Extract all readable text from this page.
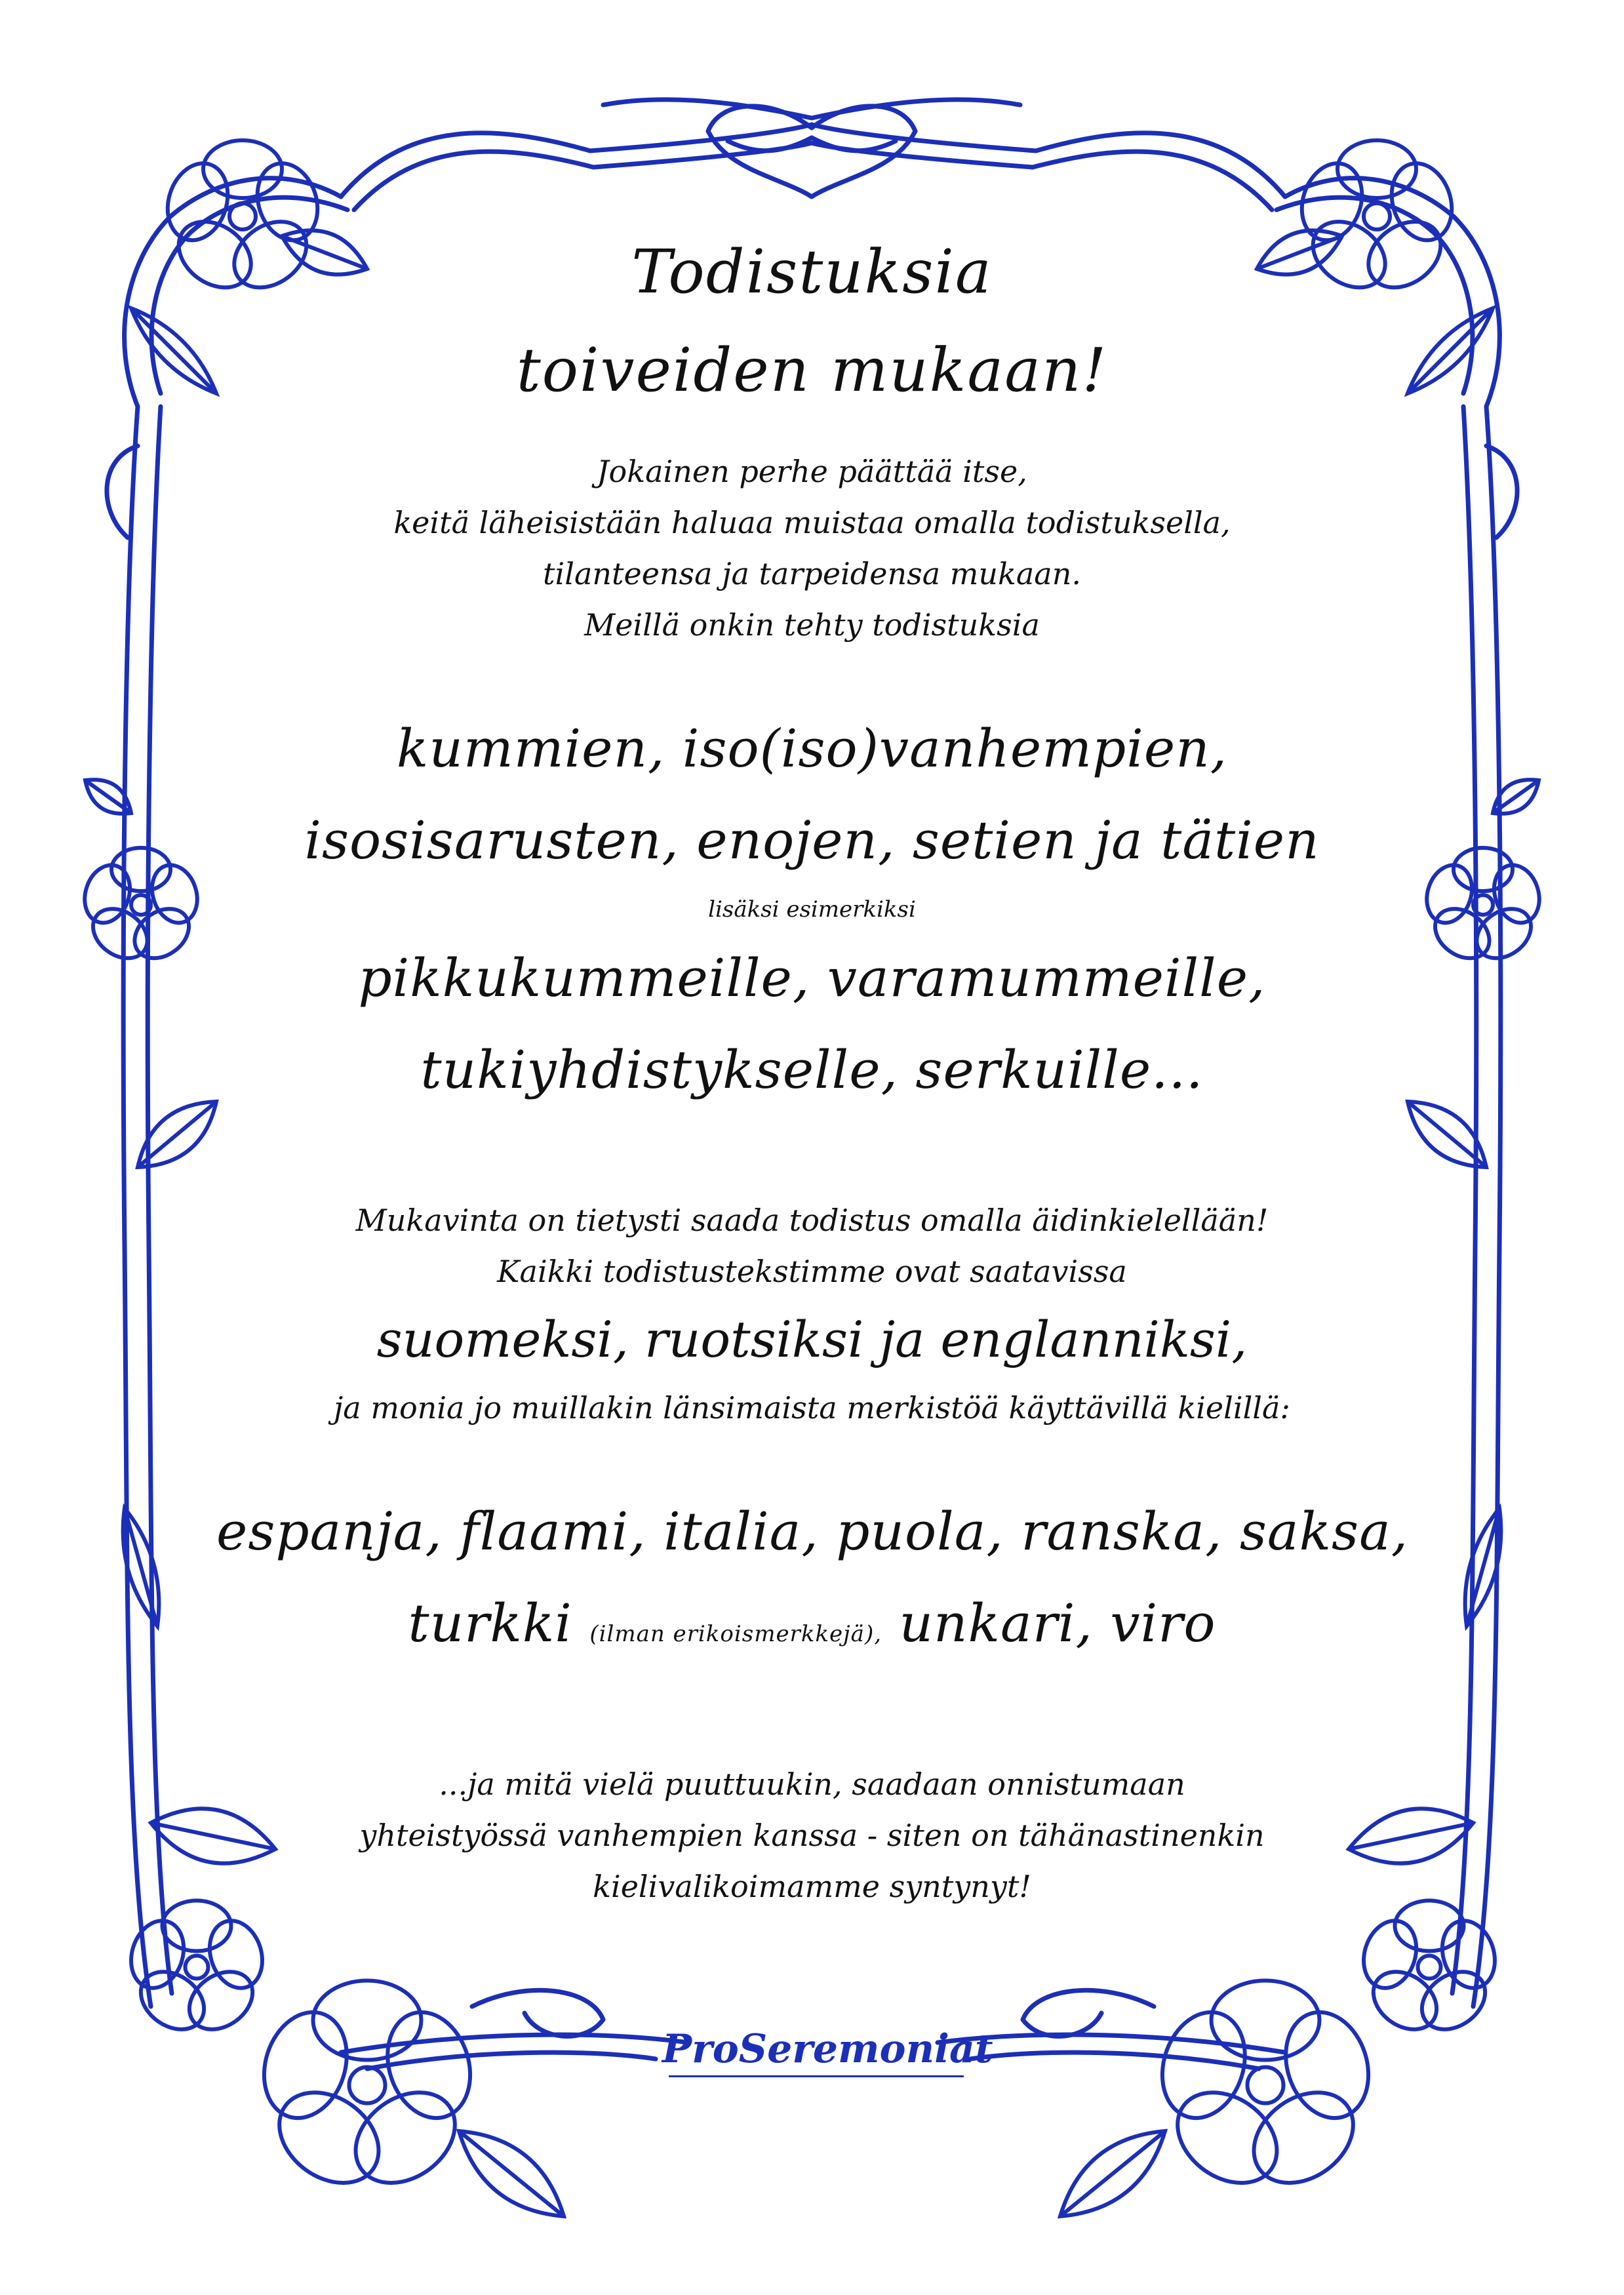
Todistuksia
toiveiden mukaan!
Jokainen perhe päättää itse,
keitä läheisistään haluaa muistaa omalla todistuksella,
tilanteensa ja tarpeidensa mukaan.
Meillä onkin tehty todistuksia
kummien, iso(iso)vanhempien,
isosisarusten, enojen, setien ja tätien
lisäksi esimerkiksi
pikkukummeille, varamummeille,
tukiyhdistykselle, serkuille...
Mukavinta on tietysti saada todistus omalla äidinkielellään!
Kaikki todistustekstimme ovat saatavissa
suomeksi, ruotsiksi ja englanniksi,
ja monia jo muillakin länsimaista merkistöä käyttävillä kielillä:
espanja, flaami, italia, puola, ranska, saksa,
turkki (ilman erikoismerkkejä), unkari, viro
...ja mitä vielä puuttuukin, saadaan onnistumaan
yhteistyössä vanhempien kanssa - siten on tähänastinenkin
kielivalikoimamme syntynyt!
ProSeremoniat
